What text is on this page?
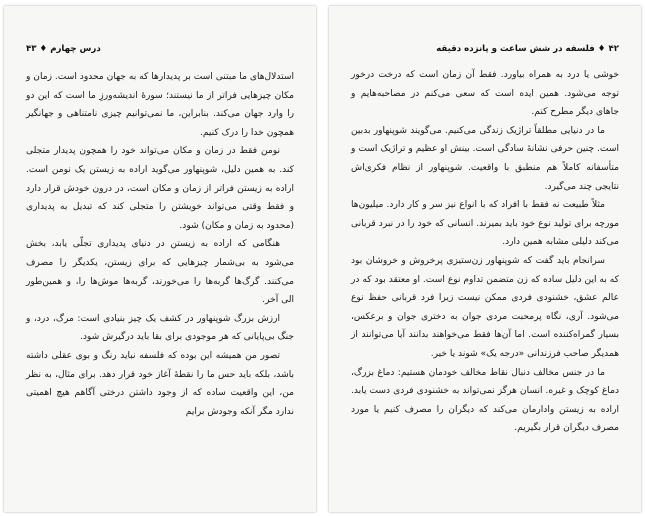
درس چهارم ♦ ۴۳

استدلال‌های ما مبتنی است بر پدیدارها که به جهان محدود است. زمان و مکان چیزهایی فراتر از ما نیستند؛ سورهٔ اندیشه‌ورزِ ما است که این دو را وارد جهان می‌کند. بنابراین، ما نمی‌توانیم چیزی نامتناهی و جهانگیر همچون خدا را درک کنیم.

نومن فقط در زمان و مکان می‌تواند خود را همچون پدیدار متجلی کند. به همین دلیل، شوپنهاور می‌گوید اراده به زیستن یک نومن است. اراده به زیستن فراتر از زمان و مکان است، در درون خودش قرار دارد و فقط وقتی می‌تواند خویشتن را متجلی کند که تبدیل به پدیداری (محدود به زمان و مکان) شود.

هنگامی که اراده به زیستن در دنیای پدیداری تجلّی یابد، بخش می‌شود به بی‌شمار چیزهایی که برای زیستن، یکدیگر را مصرف می‌کنند. گرگ‌ها گربه‌ها را می‌خورند، گربه‌ها موش‌ها را، و همین‌طور الی آخر.

ارزش بزرگ شوپنهاور در کشف یک چیز بنیادی است: مرگ، درد، و جنگ بی‌پایانی که هر موجودی برای بقا باید درگیرش شود.

تصور من همیشه این بوده که فلسفه نباید رنگ و بوی عقلی داشته باشد، بلکه باید حس ما را نقطهٔ آغاز خود قرار دهد. برای مثال، به نظر من، این واقعیت ساده که از وجود داشتن درختی آگاهم هیچ اهمیتی ندارد مگر آنکه وجودش برایم

۴۲ ♦ فلسفه در شش ساعت و پانزده دقیقه

خوشی یا درد به همراه بیاورد. فقط آن زمان است که درخت درخور توجه می‌شود. همین ایده است که سعی می‌کنم در مصاحبه‌هایم و جاهای دیگر مطرح کنم.

ما در دنیایی مطلقاً تراژیک زندگی می‌کنیم. می‌گویند شوپنهاور بدبین است. چنین حرفی نشانهٔ سادگی است. بینش او عظیم و تراژیک است و متأسفانه کاملاً هم منطبق با واقعیت. شوپنهاور از نظام فکری‌اش نتایجی چند می‌گیرد.

مثلاً طبیعت نه فقط با افراد که با انواع نیز سر و کار دارد. میلیون‌ها مورچه برای تولید نوع خود باید بمیرند. انسانی که خود را در نبرد قربانی می‌کند دلیلی مشابه همین دارد.

سرانجام باید گفت که شوپنهاور زن‌ستیزی پرخروش و خروشان بود که به این دلیل ساده که زن متضمن تداوم نوع است. او معتقد بود که در عالم عشق، خشنودی فردی ممکن نیست زیرا فرد قربانی حفظ نوع می‌شود. آری، نگاه پرمحبت مردی جوان به دختری جوان و برعکس، بسیار گمراه‌کننده است. اما آن‌ها فقط می‌خواهند بدانند آیا می‌توانند از همدیگر صاحب فرزندانی «درجه یک» شوند یا خیر.

ما در جنس مخالف دنبال نقاط مخالف خودمان هستیم: دماغ بزرگ، دماغ کوچک و غیره. انسان هرگز نمی‌تواند به خشنودی فردی دست یابد. اراده به زیستن وادارمان می‌کند که دیگران را مصرف کنیم یا مورد مصرف دیگران قرار بگیریم.
